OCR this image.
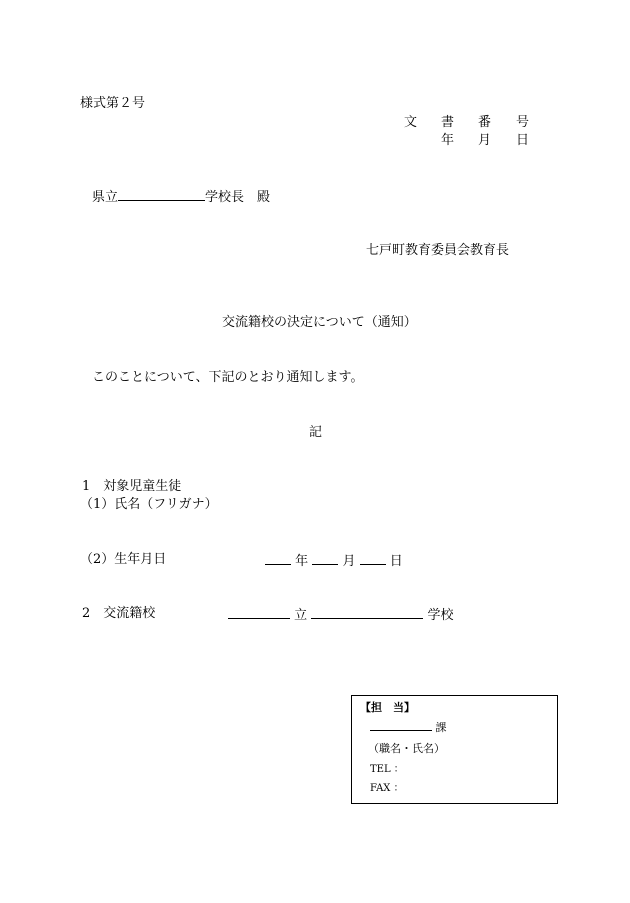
様式第２号
文 書 番 号
年 月 日
県立	学校長　 殿
七戸町教育委員会教育長
交流籍校の決定について（通知）
このことについて、下記のとおり通知します。
記
1　 対象児童生徒
（1）氏名（フリガナ）
（2）生年月日	年	月	日
2　 交流籍校	立	学校
【担　当】
課
（職名・氏名）
TEL ：
FAX ：
